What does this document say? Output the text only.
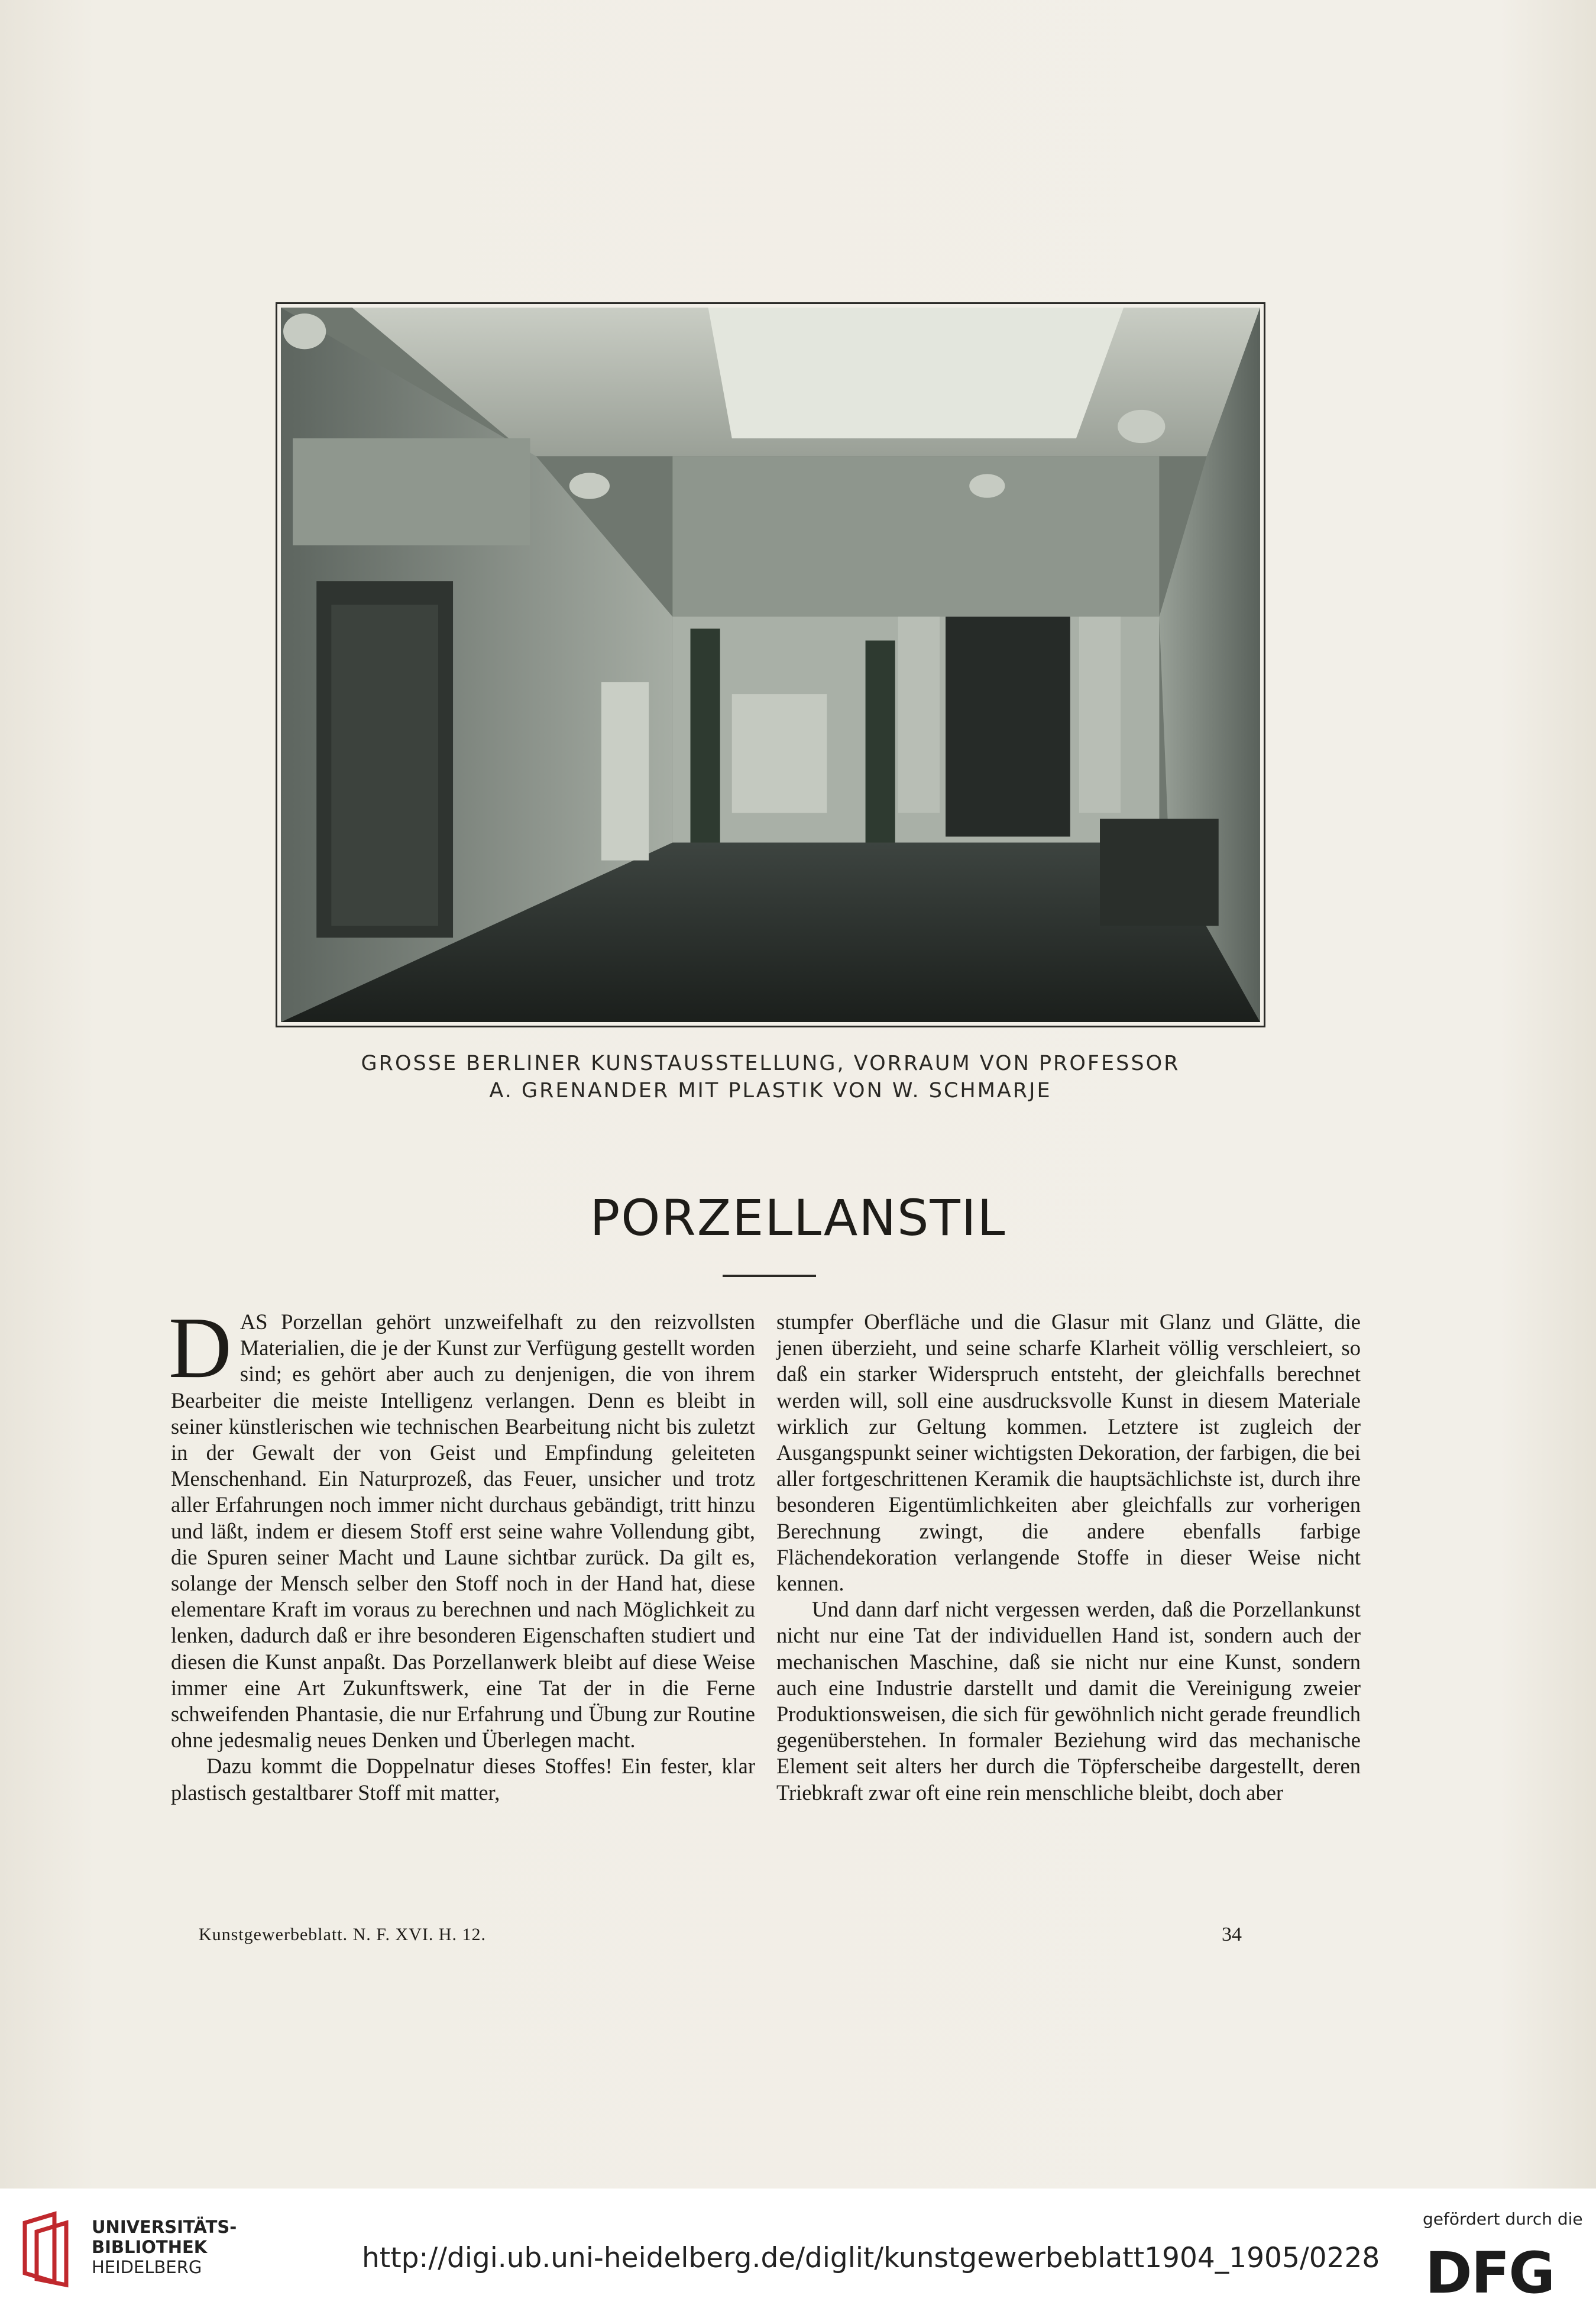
GROSSE BERLINER KUNSTAUSSTELLUNG, VORRAUM VON PROFESSOR
A. GRENANDER MIT PLASTIK VON W. SCHMARJE
PORZELLANSTIL

DAS Porzellan gehört unzweifelhaft zu den reizvollsten Materialien, die je der Kunst zur Verfügung gestellt worden sind; es gehört aber auch zu denjenigen, die von ihrem Bearbeiter die meiste Intelligenz verlangen. Denn es bleibt in seiner künstlerischen wie technischen Bearbeitung nicht bis zuletzt in der Gewalt der von Geist und Empfindung geleiteten Menschenhand. Ein Naturprozeß, das Feuer, unsicher und trotz aller Erfahrungen noch immer nicht durchaus gebändigt, tritt hinzu und läßt, indem er diesem Stoff erst seine wahre Vollendung gibt, die Spuren seiner Macht und Laune sichtbar zurück. Da gilt es, solange der Mensch selber den Stoff noch in der Hand hat, diese elementare Kraft im voraus zu berechnen und nach Möglichkeit zu lenken, dadurch daß er ihre besonderen Eigenschaften studiert und diesen die Kunst anpaßt. Das Porzellanwerk bleibt auf diese Weise immer eine Art Zukunftswerk, eine Tat der in die Ferne schweifenden Phantasie, die nur Erfahrung und Übung zur Routine ohne jedesmalig neues Denken und Überlegen macht.

Dazu kommt die Doppelnatur dieses Stoffes! Ein fester, klar plastisch gestaltbarer Stoff mit matter,

stumpfer Oberfläche und die Glasur mit Glanz und Glätte, die jenen überzieht, und seine scharfe Klarheit völlig verschleiert, so daß ein starker Widerspruch entsteht, der gleichfalls berechnet werden will, soll eine ausdrucksvolle Kunst in diesem Materiale wirklich zur Geltung kommen. Letztere ist zugleich der Ausgangspunkt seiner wichtigsten Dekoration, der farbigen, die bei aller fortgeschrittenen Keramik die hauptsächlichste ist, durch ihre besonderen Eigentümlichkeiten aber gleichfalls zur vorherigen Berechnung zwingt, die andere ebenfalls farbige Flächendekoration verlangende Stoffe in dieser Weise nicht kennen.

Und dann darf nicht vergessen werden, daß die Porzellankunst nicht nur eine Tat der individuellen Hand ist, sondern auch der mechanischen Maschine, daß sie nicht nur eine Kunst, sondern auch eine Industrie darstellt und damit die Vereinigung zweier Produktionsweisen, die sich für gewöhnlich nicht gerade freundlich gegenüberstehen. In formaler Beziehung wird das mechanische Element seit alters her durch die Töpferscheibe dargestellt, deren Triebkraft zwar oft eine rein menschliche bleibt, doch aber

Kunstgewerbeblatt. N. F. XVI. H. 12.	34
UNIVERSITÄTS-
BIBLIOTHEK
HEIDELBERG	http://digi.ub.uni-heidelberg.de/diglit/kunstgewerbeblatt1904_1905/0228
gefördert durch die
DFG
